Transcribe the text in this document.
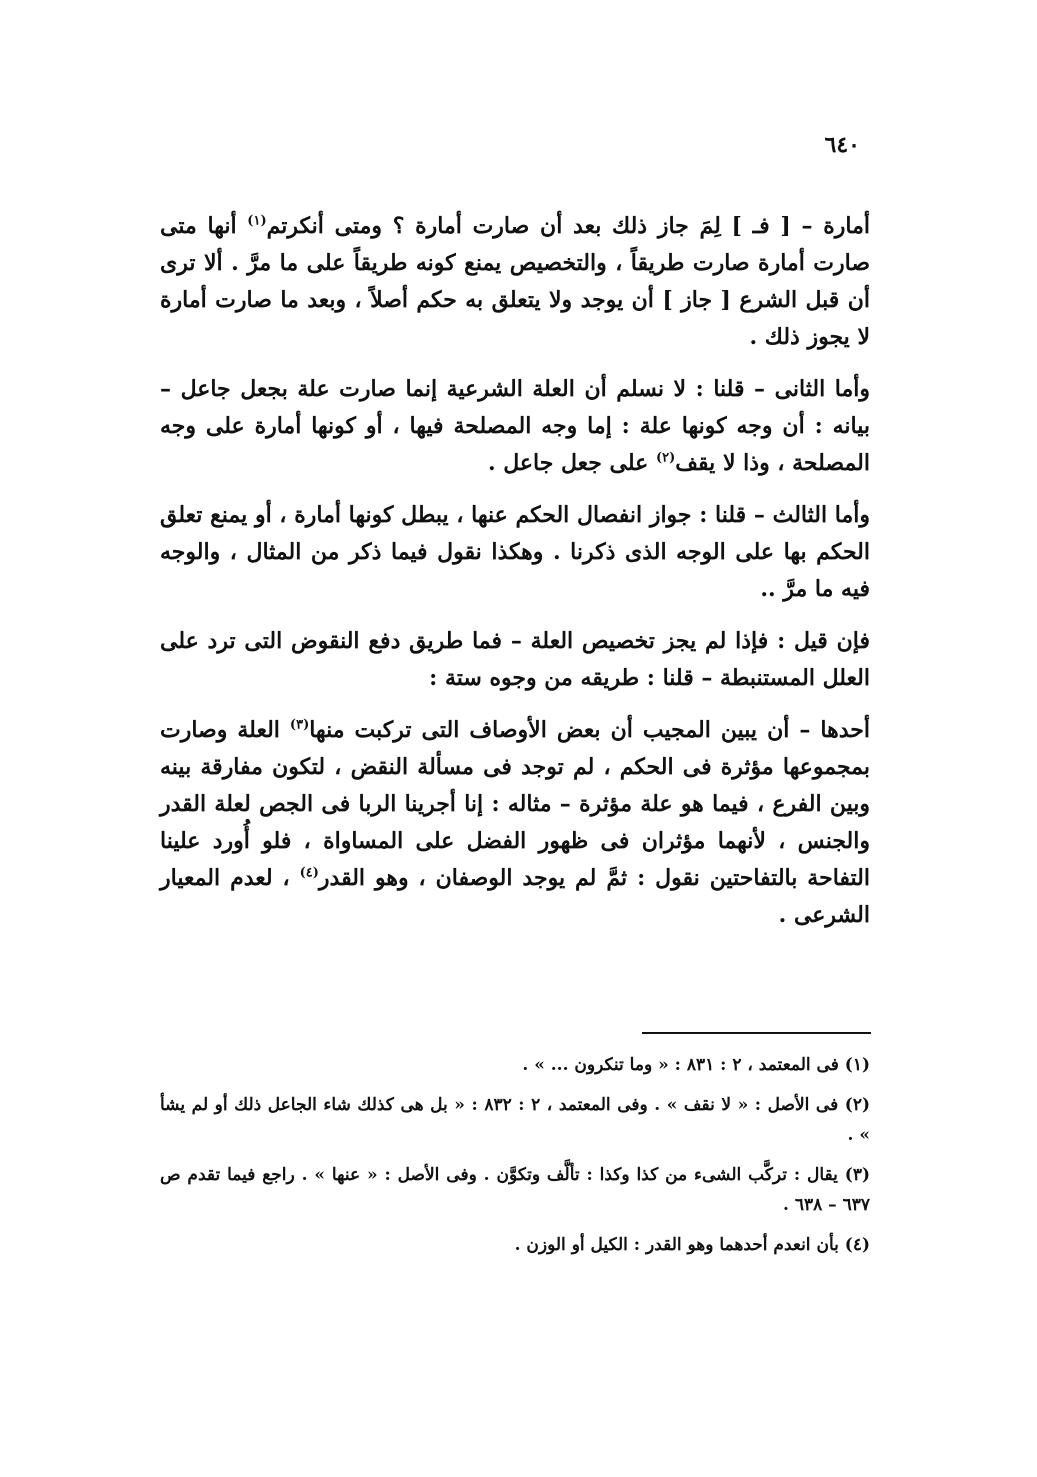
٦٤٠

أمارة – [ فـ ] لِمَ جاز ذلك بعد أن صارت أمارة ؟ ومتى أنكرتم$^{(١)}$ أنها متى صارت أمارة صارت طريقاً ، والتخصيص يمنع كونه طريقاً على ما مرَّ . ألا ترى أن قبل الشرع [ جاز ] أن يوجد ولا يتعلق به حكم أصلاً ، وبعد ما صارت أمارة لا يجوز ذلك .

وأما الثانى – قلنا : لا نسلم أن العلة الشرعية إنما صارت علة بجعل جاعل – بيانه : أن وجه كونها علة : إما وجه المصلحة فيها ، أو كونها أمارة على وجه المصلحة ، وذا لا يقف$^{(٢)}$ على جعل جاعل .

وأما الثالث – قلنا : جواز انفصال الحكم عنها ، يبطل كونها أمارة ، أو يمنع تعلق الحكم بها على الوجه الذى ذكرنا . وهكذا نقول فيما ذكر من المثال ، والوجه فيه ما مرَّ ..

فإن قيل : فإذا لم يجز تخصيص العلة – فما طريق دفع النقوض التى ترد على العلل المستنبطة – قلنا : طريقه من وجوه ستة :

أحدها – أن يبين المجيب أن بعض الأوصاف التى تركبت منها$^{(٣)}$ العلة وصارت بمجموعها مؤثرة فى الحكم ، لم توجد فى مسألة النقض ، لتكون مفارقة بينه وبين الفرع ، فيما هو علة مؤثرة – مثاله : إنا أجرينا الربا فى الجص لعلة القدر والجنس ، لأنهما مؤثران فى ظهور الفضل على المساواة ، فلو أُورد علينا التفاحة بالتفاحتين نقول : ثمَّ لم يوجد الوصفان ، وهو القدر$^{(٤)}$ ، لعدم المعيار الشرعى .

(١) فى المعتمد ، ٢ : ٨٣١ : « وما تنكرون ... » .

(٢) فى الأصل : « لا نقف » . وفى المعتمد ، ٢ : ٨٣٢ : « بل هى كذلك شاء الجاعل ذلك أو لم يشأ » .

(٣) يقال : تركَّب الشىء من كذا وكذا : تألَّف وتكوَّن . وفى الأصل : « عنها » . راجع فيما تقدم ص ٦٣٧ – ٦٣٨ .

(٤) بأن انعدم أحدهما وهو القدر : الكيل أو الوزن .
